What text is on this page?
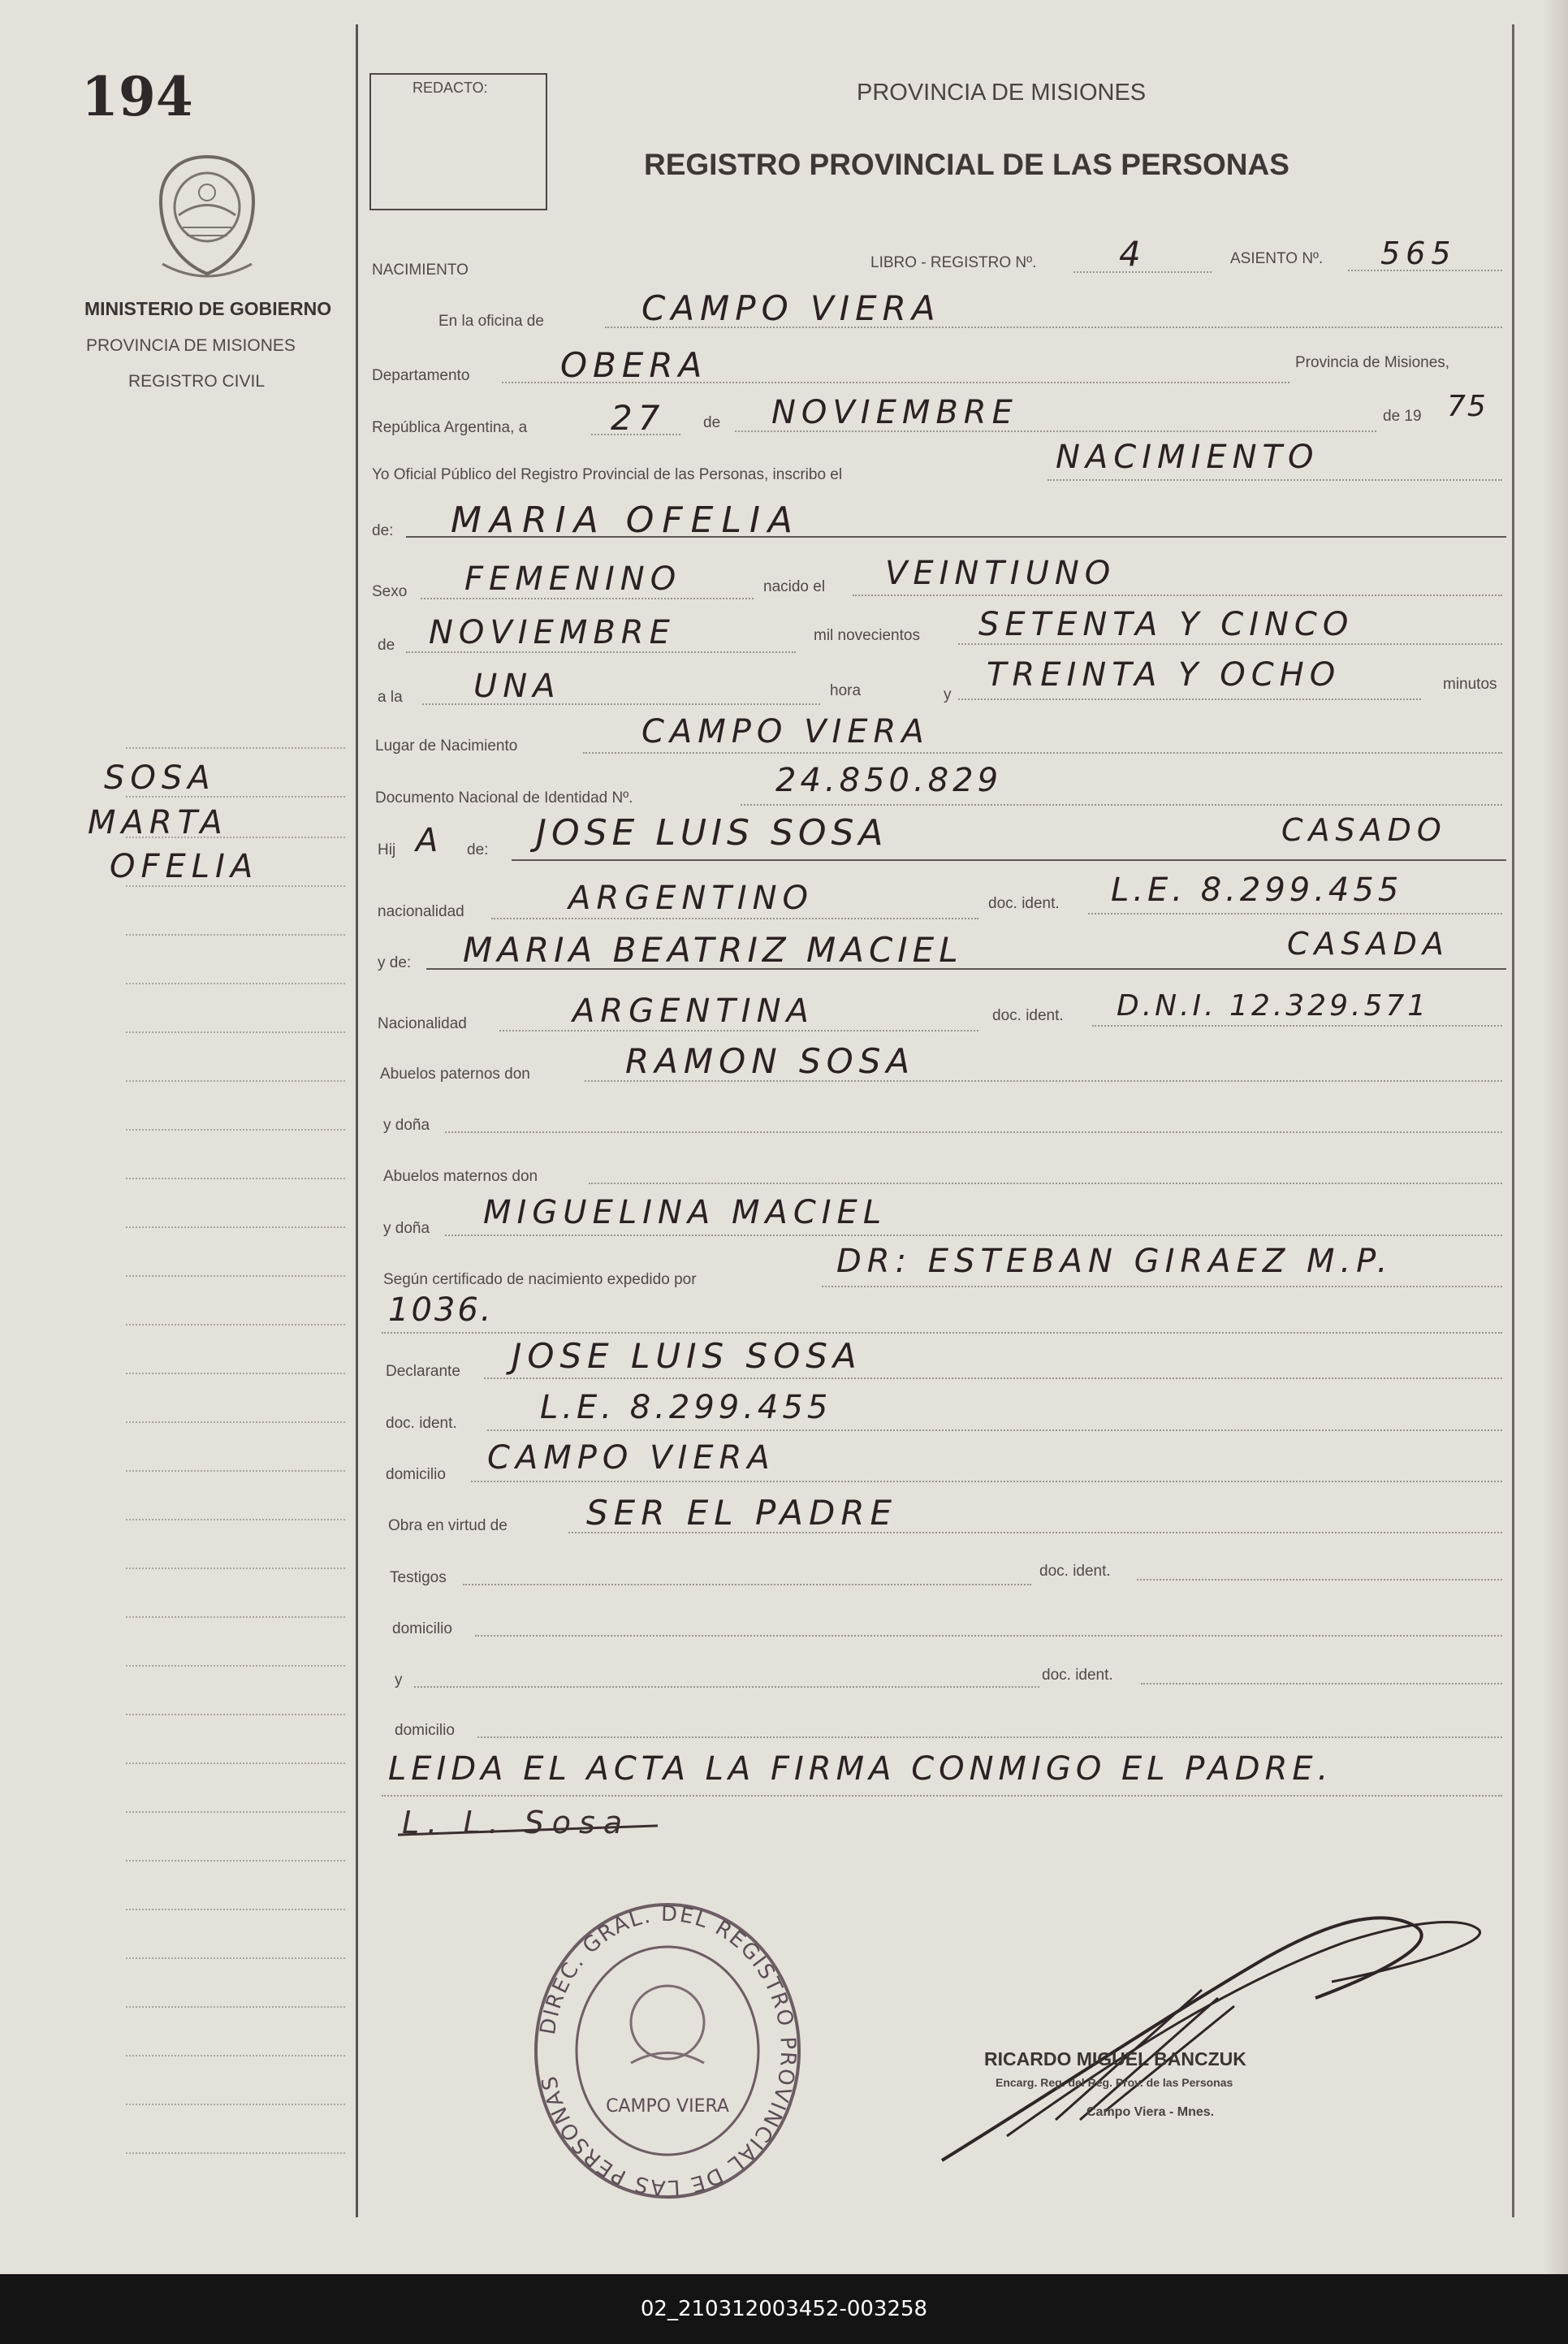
194
MINISTERIO DE GOBIERNO
PROVINCIA DE MISIONES
REGISTRO CIVIL
SOSA
MARTA
OFELIA
REDACTO:	PROVINCIA DE MISIONES
REGISTRO PROVINCIAL DE LAS PERSONAS
NACIMIENTO	LIBRO - REGISTRO Nº. 4	ASIENTO Nº. 565
En la oficina de	CAMPO VIERA
Departamento	OBERA	Provincia de Misiones,
República Argentina, a 27 de NOVIEMBRE	de 19 75
Yo Oficial Público del Registro Provincial de las Personas, inscribo el	NACIMIENTO
de: MARIA OFELIA
Sexo FEMENINO	nacido el VEINTIUNO
de NOVIEMBRE	mil novecientos SETENTA Y CINCO
a la UNA	hora	y
TREINTA Y OCHO	minutos
Lugar de Nacimiento	CAMPO VIERA
Documento Nacional de Identidad Nº.	24.850.829
Hij A de: JOSE LUIS SOSA	CASADO
nacionalidad	ARGENTINO	doc. ident. L.E. 8.299.455
y de: MARIA BEATRIZ MACIEL	CASADA
Nacionalidad	ARGENTINA	doc. ident. D.N.I. 12.329.571
Abuelos paternos don	RAMON SOSA
y doña
Abuelos maternos don
y doña MIGUELINA MACIEL
Según certificado de nacimiento expedido por	DR: ESTEBAN GIRAEZ M.P.
1036.
Declarante JOSE LUIS SOSA
doc. ident.	L.E. 8.299.455
domicilio CAMPO VIERA
Obra en virtud de SER EL PADRE
Testigos	doc. ident.
domicilio
y	doc. ident.
domicilio
LEIDA EL ACTA LA FIRMA CONMIGO EL PADRE.
L. L. Sosa
DIREC. GRAL. DEL REGISTRO PROVINCIAL DE LAS PERSONAS
CAMPO VIERA
RICARDO MIGUEL BANCZUK
Encarg. Reg. del Reg. Prov. de las Personas
Campo Viera - Mnes.
02_210312003452-003258
